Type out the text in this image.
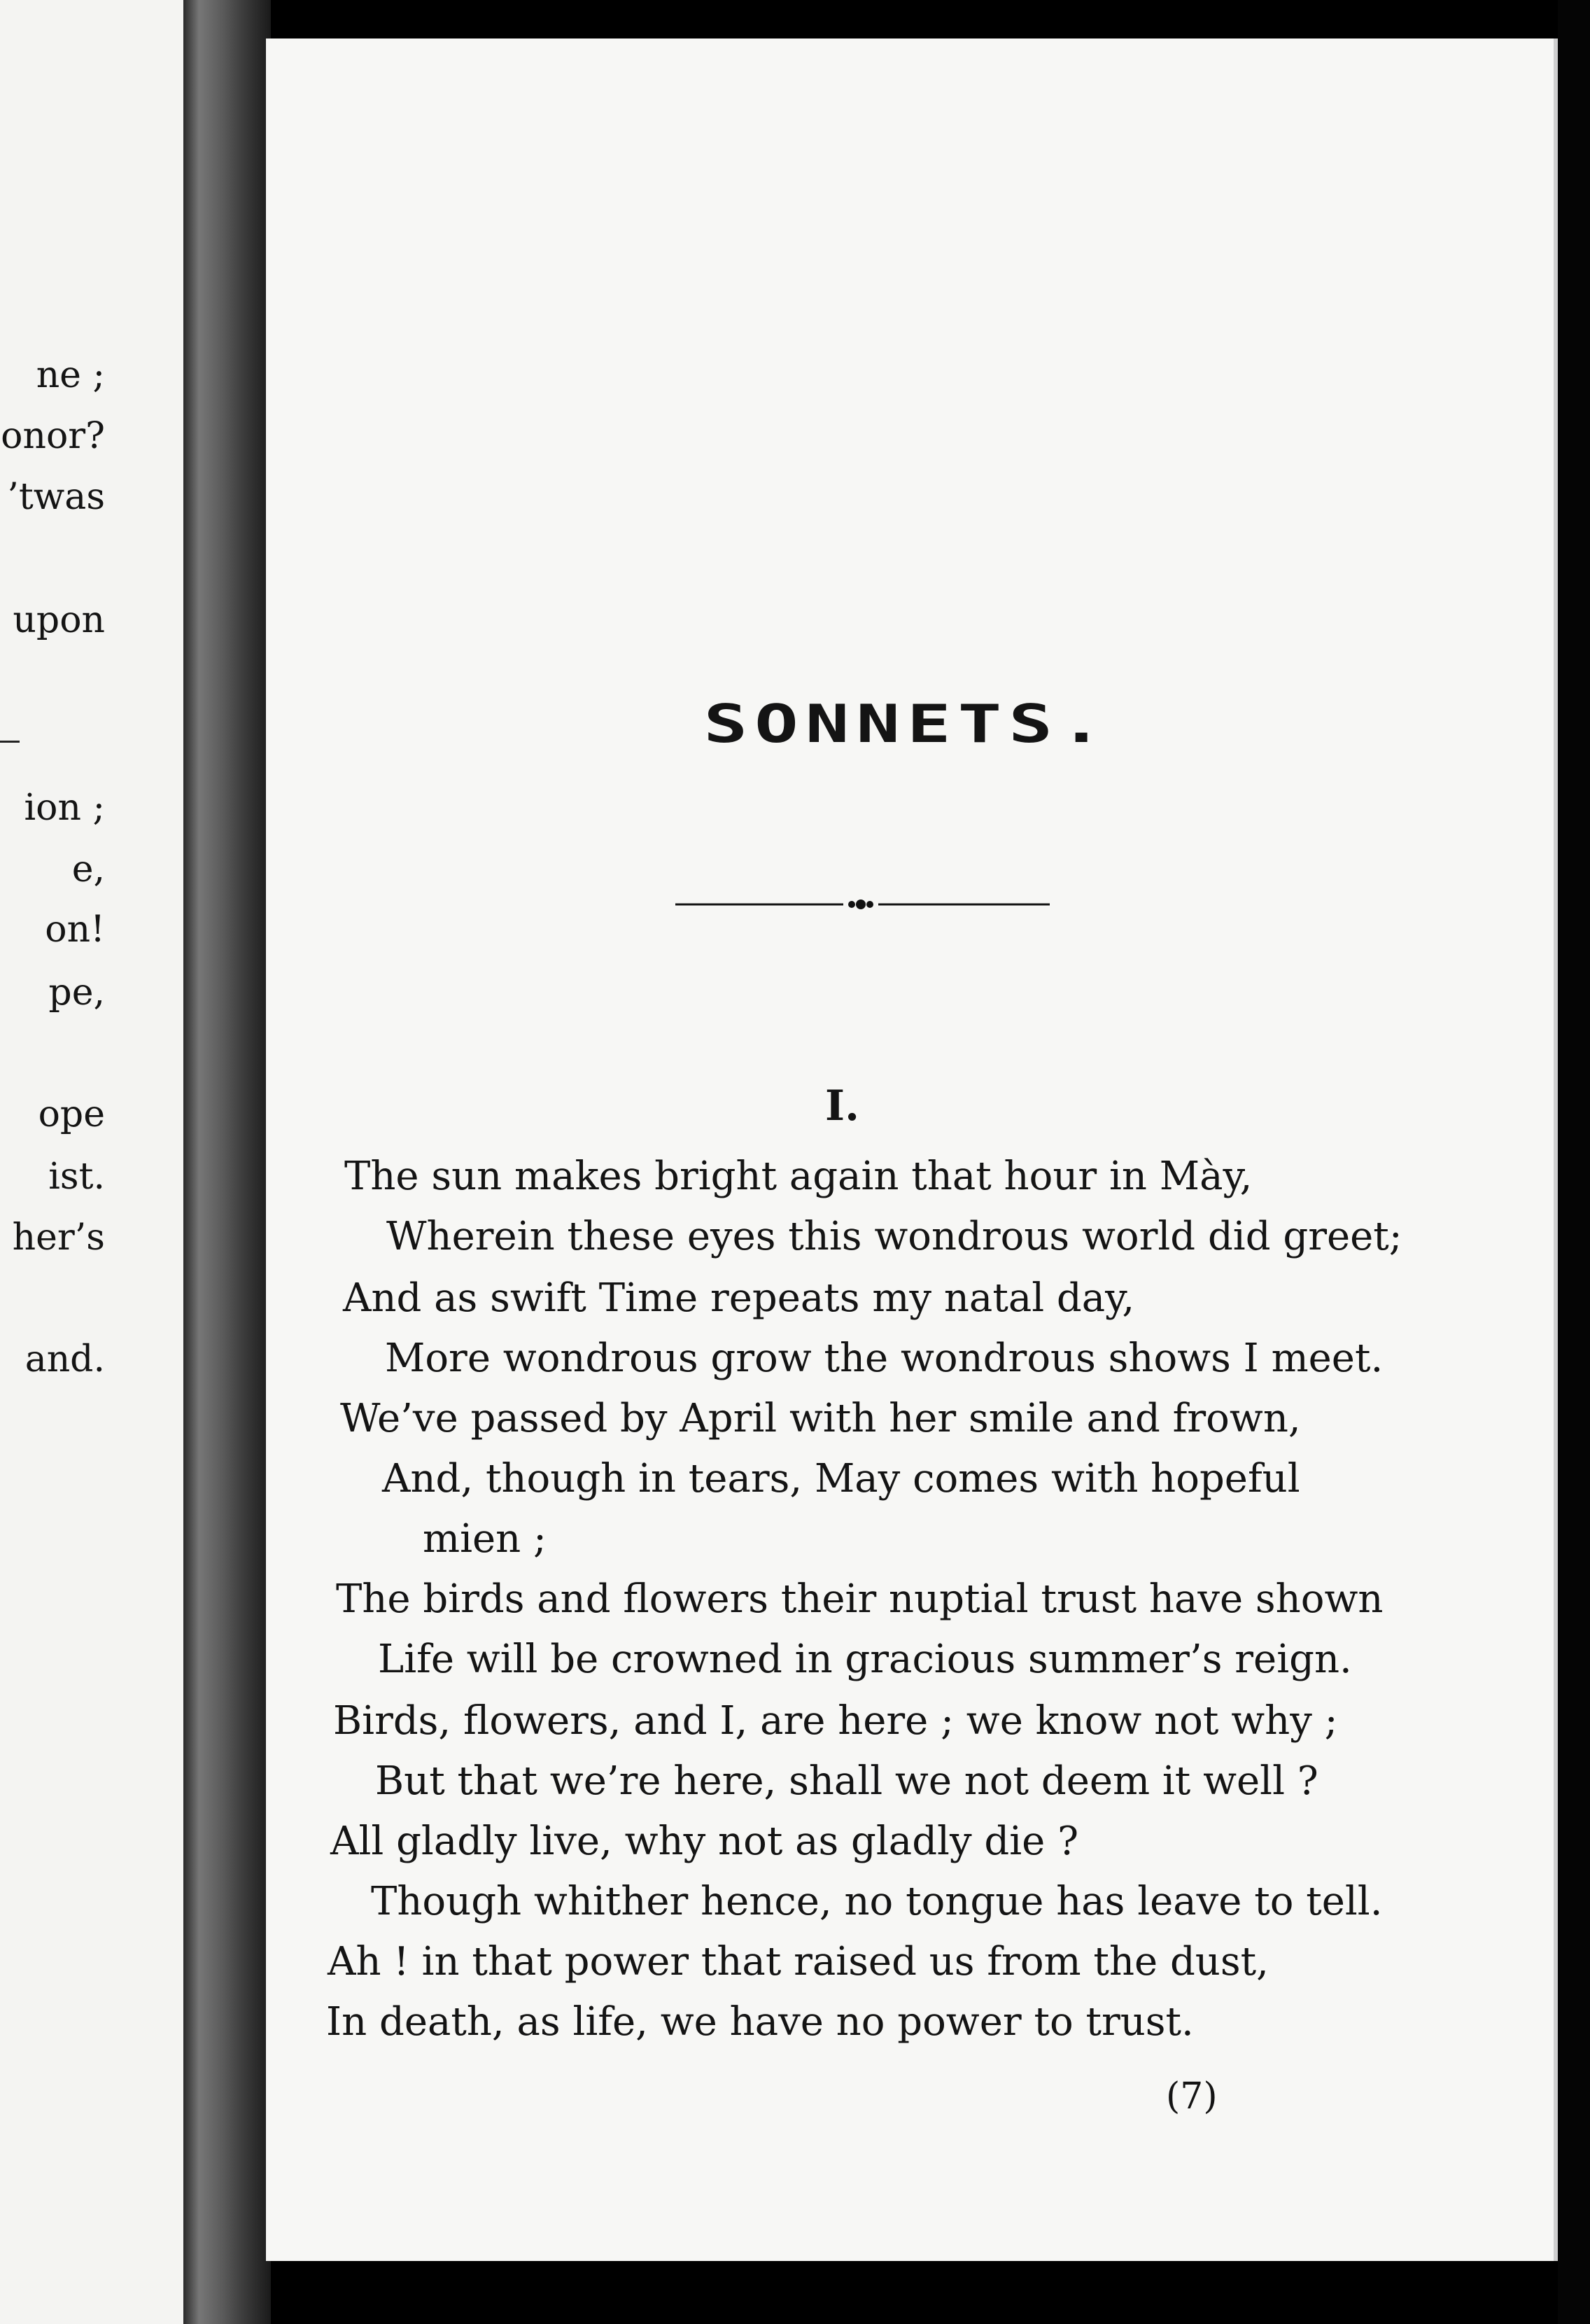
ne ;
onor?
’twas
upon
ion ;
e,
on!
pe,
ope
ist.
her’s
and.
SONNETS.
I.
The sun makes bright again that hour in Mày,
Wherein these eyes this wondrous world did greet;
And as swift Time repeats my natal day,
More wondrous grow the wondrous shows I meet.
We’ve passed by April with her smile and frown,
And, though in tears, May comes with hopeful
mien ;
The birds and flowers their nuptial trust have shown
Life will be crowned in gracious summer’s reign.
Birds, flowers, and I, are here ; we know not why ;
But that we’re here, shall we not deem it well ?
All gladly live, why not as gladly die ?
Though whither hence, no tongue has leave to tell.
Ah ! in that power that raised us from the dust,
In death, as life, we have no power to trust.
(7)
